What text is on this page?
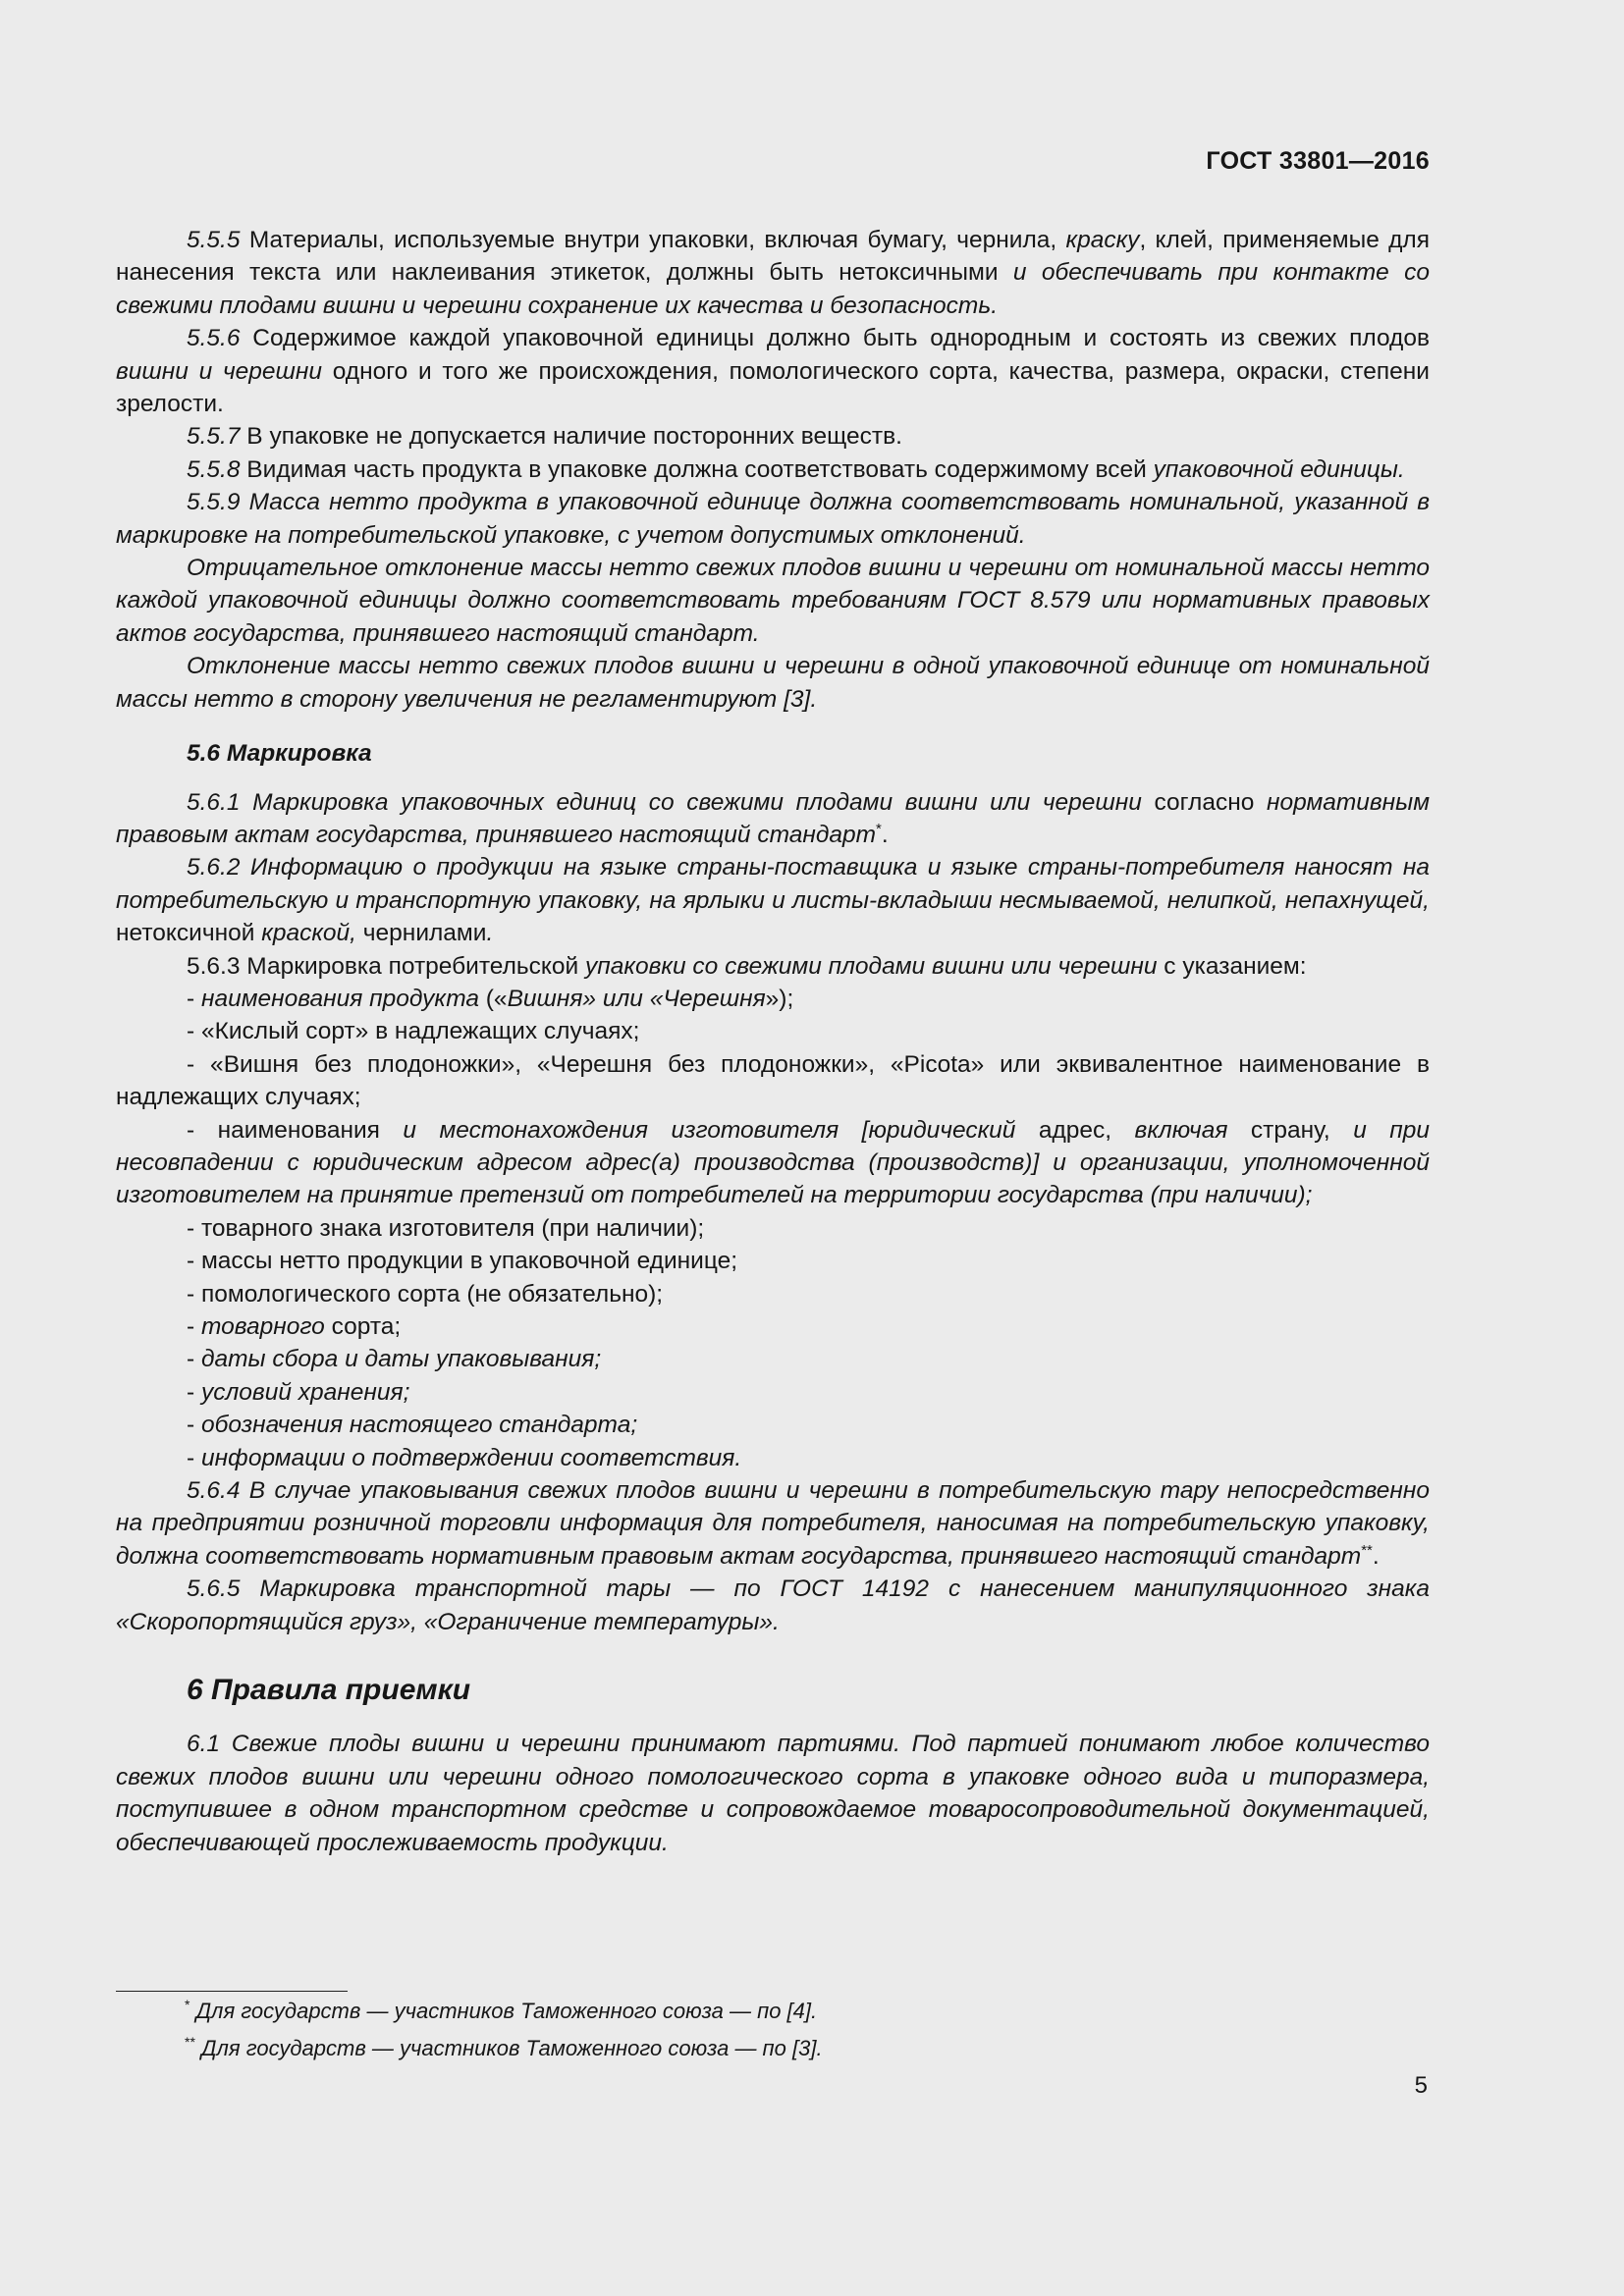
ГОСТ 33801—2016

5.5.5 Материалы, используемые внутри упаковки, включая бумагу, чернила, краску, клей, применяемые для нанесения текста или наклеивания этикеток, должны быть нетоксичными и обеспечивать при контакте со свежими плодами вишни и черешни сохранение их качества и безопасность.

5.5.6 Содержимое каждой упаковочной единицы должно быть однородным и состоять из свежих плодов вишни и черешни одного и того же происхождения, помологического сорта, качества, размера, окраски, степени зрелости.

5.5.7 В упаковке не допускается наличие посторонних веществ.

5.5.8 Видимая часть продукта в упаковке должна соответствовать содержимому всей упаковочной единицы.

5.5.9 Масса нетто продукта в упаковочной единице должна соответствовать номинальной, указанной в маркировке на потребительской упаковке, с учетом допустимых отклонений.

Отрицательное отклонение массы нетто свежих плодов вишни и черешни от номинальной массы нетто каждой упаковочной единицы должно соответствовать требованиям ГОСТ 8.579 или нормативных правовых актов государства, принявшего настоящий стандарт.

Отклонение массы нетто свежих плодов вишни и черешни в одной упаковочной единице от номинальной массы нетто в сторону увеличения не регламентируют [3].

5.6 Маркировка

5.6.1 Маркировка упаковочных единиц со свежими плодами вишни или черешни согласно нормативным правовым актам государства, принявшего настоящий стандарт*.

5.6.2 Информацию о продукции на языке страны-поставщика и языке страны-потребителя наносят на потребительскую и транспортную упаковку, на ярлыки и листы-вкладыши несмываемой, нелипкой, непахнущей, нетоксичной краской, чернилами.

5.6.3 Маркировка потребительской упаковки со свежими плодами вишни или черешни с указанием:

- наименования продукта («Вишня» или «Черешня»);

- «Кислый сорт» в надлежащих случаях;

- «Вишня без плодоножки», «Черешня без плодоножки», «Picota» или эквивалентное наименование в надлежащих случаях;

- наименования и местонахождения изготовителя [юридический адрес, включая страну, и при несовпадении с юридическим адресом адрес(а) производства (производств)] и организации, уполномоченной изготовителем на принятие претензий от потребителей на территории государства (при наличии);

- товарного знака изготовителя (при наличии);

- массы нетто продукции в упаковочной единице;

- помологического сорта (не обязательно);

- товарного сорта;

- даты сбора и даты упаковывания;

- условий хранения;

- обозначения настоящего стандарта;

- информации о подтверждении соответствия.

5.6.4 В случае упаковывания свежих плодов вишни и черешни в потребительскую тару непосредственно на предприятии розничной торговли информация для потребителя, наносимая на потребительскую упаковку, должна соответствовать нормативным правовым актам государства, принявшего настоящий стандарт**.

5.6.5 Маркировка транспортной тары — по ГОСТ 14192 с нанесением манипуляционного знака «Скоропортящийся груз», «Ограничение температуры».

6 Правила приемки

6.1 Свежие плоды вишни и черешни принимают партиями. Под партией понимают любое количество свежих плодов вишни или черешни одного помологического сорта в упаковке одного вида и типоразмера, поступившее в одном транспортном средстве и сопровождаемое товаросопроводительной документацией, обеспечивающей прослеживаемость продукции.

* Для государств — участников Таможенного союза — по [4].

** Для государств — участников Таможенного союза — по [3].

5
